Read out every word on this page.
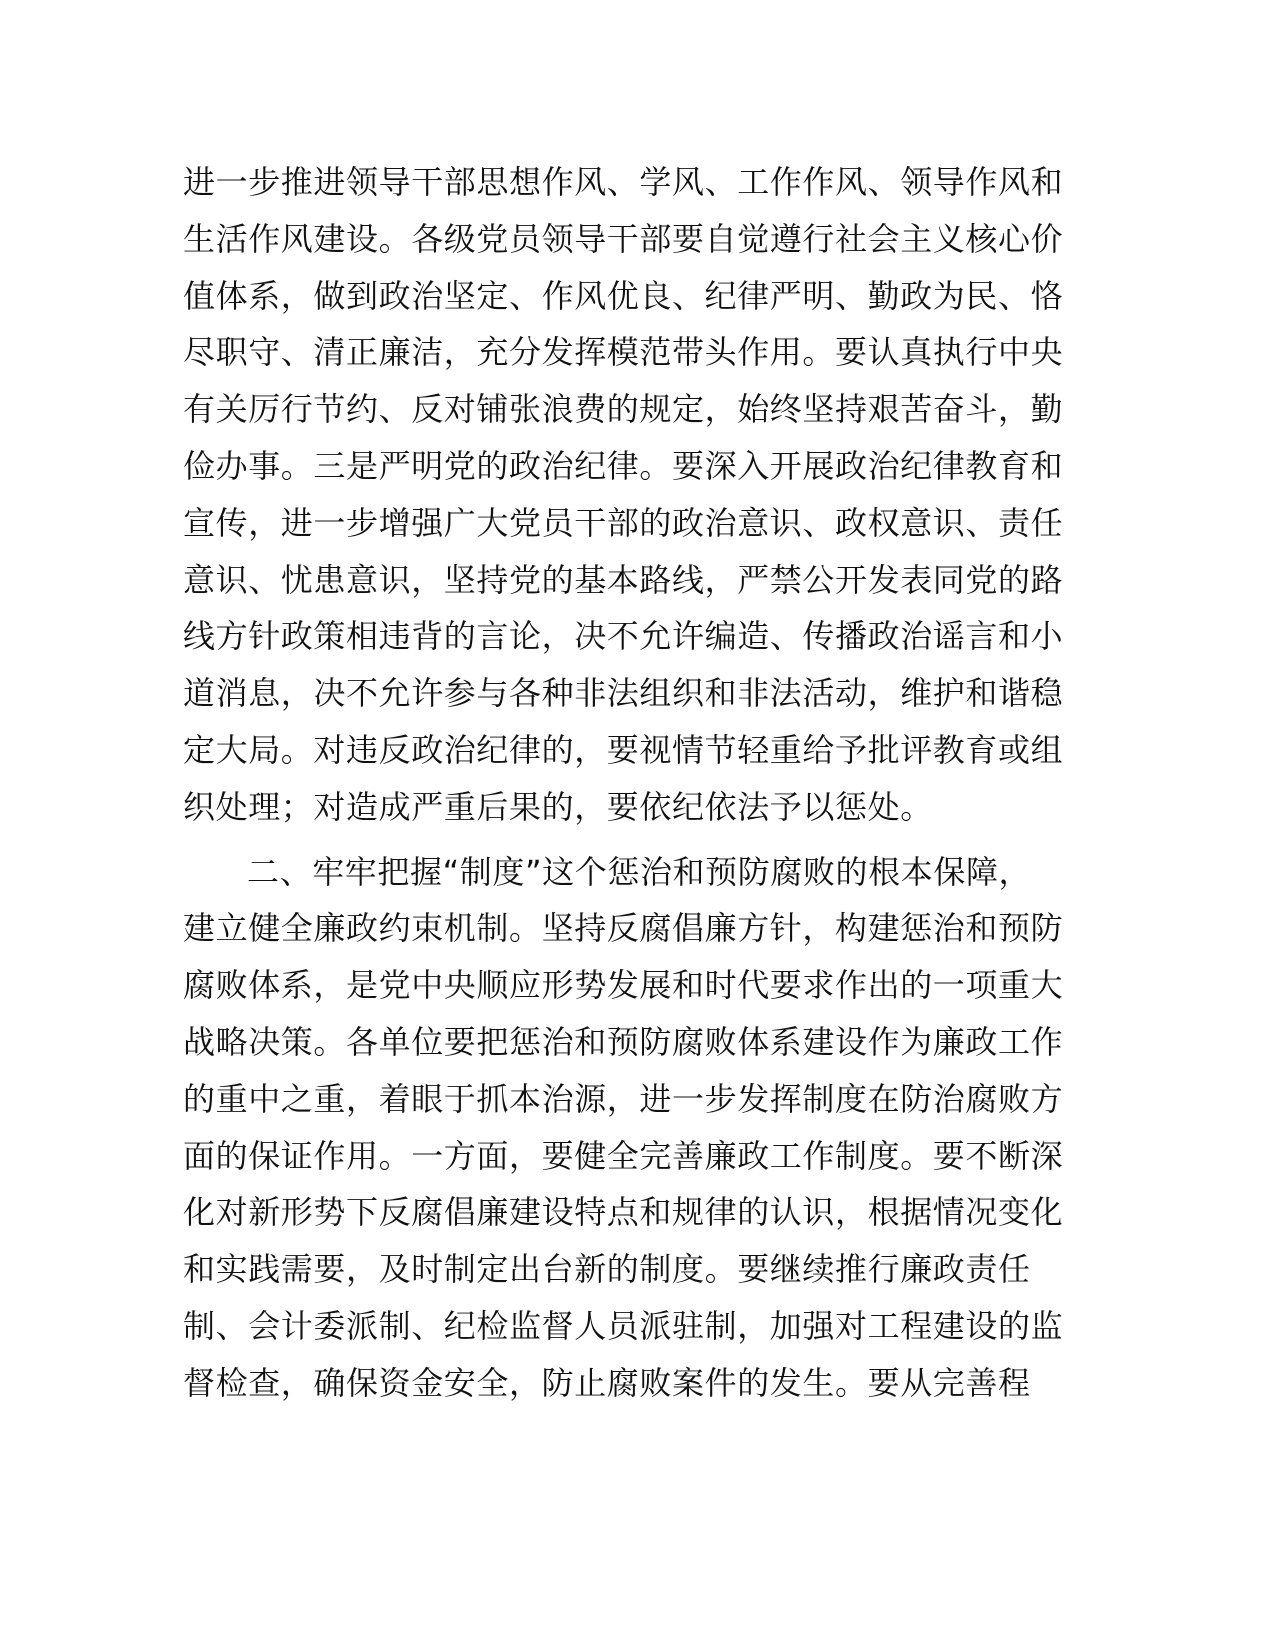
进一步推进领导干部思想作风、学风、工作作风、领导作风和
生活作风建设。各级党员领导干部要自觉遵行社会主义核心价
值体系，做到政治坚定、作风优良、纪律严明、勤政为民、恪
尽职守、清正廉洁，充分发挥模范带头作用。要认真执行中央
有关厉行节约、反对铺张浪费的规定，始终坚持艰苦奋斗，勤
俭办事。三是严明党的政治纪律。要深入开展政治纪律教育和
宣传，进一步增强广大党员干部的政治意识、政权意识、责任
意识、忧患意识，坚持党的基本路线，严禁公开发表同党的路
线方针政策相违背的言论，决不允许编造、传播政治谣言和小
道消息，决不允许参与各种非法组织和非法活动，维护和谐稳
定大局。对违反政治纪律的，要视情节轻重给予批评教育或组
织处理；对造成严重后果的，要依纪依法予以惩处。
二、牢牢把握“制度”这个惩治和预防腐败的根本保障，
建立健全廉政约束机制。坚持反腐倡廉方针，构建惩治和预防
腐败体系，是党中央顺应形势发展和时代要求作出的一项重大
战略决策。各单位要把惩治和预防腐败体系建设作为廉政工作
的重中之重，着眼于抓本治源，进一步发挥制度在防治腐败方
面的保证作用。一方面，要健全完善廉政工作制度。要不断深
化对新形势下反腐倡廉建设特点和规律的认识，根据情况变化
和实践需要，及时制定出台新的制度。要继续推行廉政责任
制、会计委派制、纪检监督人员派驻制，加强对工程建设的监
督检查，确保资金安全，防止腐败案件的发生。要从完善程
